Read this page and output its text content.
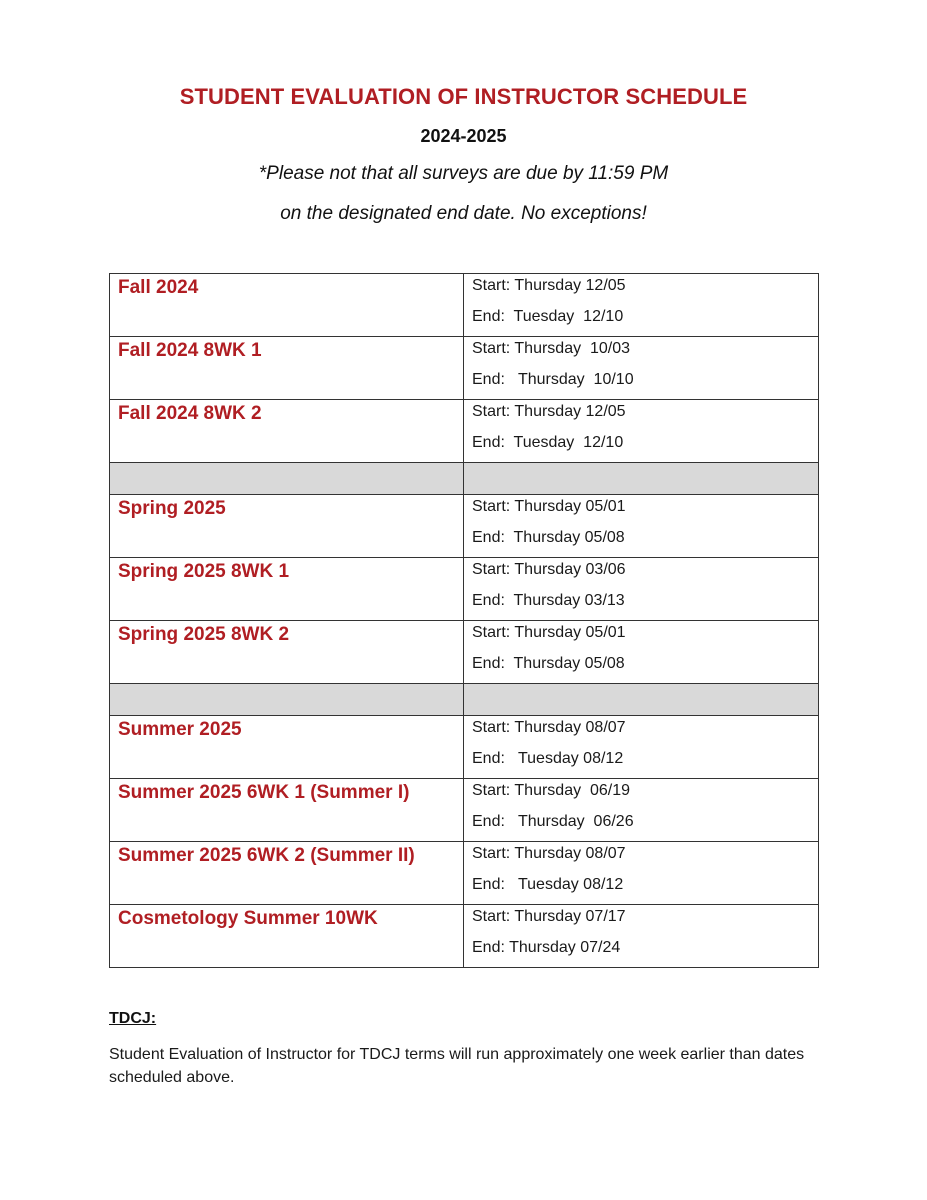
STUDENT EVALUATION OF INSTRUCTOR SCHEDULE
2024-2025
*Please not that all surveys are due by 11:59 PM
on the designated end date. No exceptions!
Fall 2024	Start: Thursday 12/05
End:  Tuesday  12/10

Fall 2024 8WK 1	Start: Thursday  10/03
End:   Thursday  10/10

Fall 2024 8WK 2	Start: Thursday 12/05
End:  Tuesday  12/10

Spring 2025	Start: Thursday 05/01
End:  Thursday 05/08

Spring 2025 8WK 1	Start: Thursday 03/06
End:  Thursday 03/13

Spring 2025 8WK 2	Start: Thursday 05/01
End:  Thursday 05/08

Summer 2025	Start: Thursday 08/07
End:   Tuesday 08/12

Summer 2025 6WK 1 (Summer I)	Start: Thursday  06/19
End:   Thursday  06/26

Summer 2025 6WK 2 (Summer II)	Start: Thursday 08/07
End:   Tuesday 08/12

Cosmetology Summer 10WK	Start: Thursday 07/17
End: Thursday 07/24
TDCJ:
Student Evaluation of Instructor for TDCJ terms will run approximately one week earlier than dates scheduled above.
